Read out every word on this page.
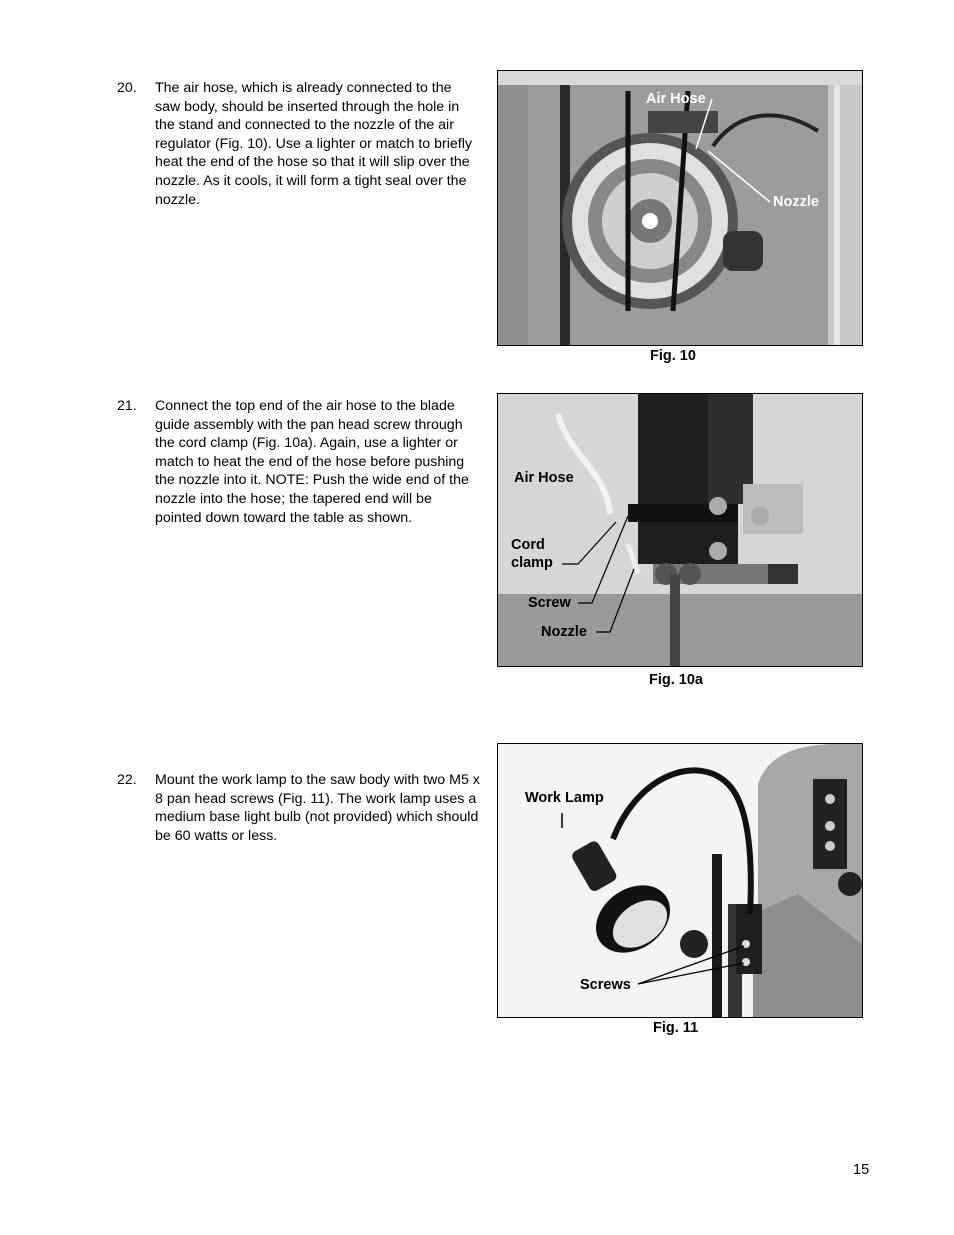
20. The air hose, which is already connected to the saw body, should be inserted through the hole in the stand and connected to the nozzle of the air regulator (Fig. 10). Use a lighter or match to briefly heat the end of the hose so that it will slip over the nozzle. As it cools, it will form a tight seal over the nozzle.
Air Hose
Nozzle
Fig. 10
21. Connect the top end of the air hose to the blade guide assembly with the pan head screw through the cord clamp (Fig. 10a). Again, use a lighter or match to heat the end of the hose before pushing the nozzle into it. NOTE: Push the wide end of the nozzle into the hose; the tapered end will be pointed down toward the table as shown.
Air Hose
Cord
clamp
Screw
Nozzle
Fig. 10a
22. Mount the work lamp to the saw body with two M5 x 8 pan head screws (Fig. 11). The work lamp uses a medium base light bulb (not provided) which should be 60 watts or less.
Work Lamp
Screws
Fig. 11
15
